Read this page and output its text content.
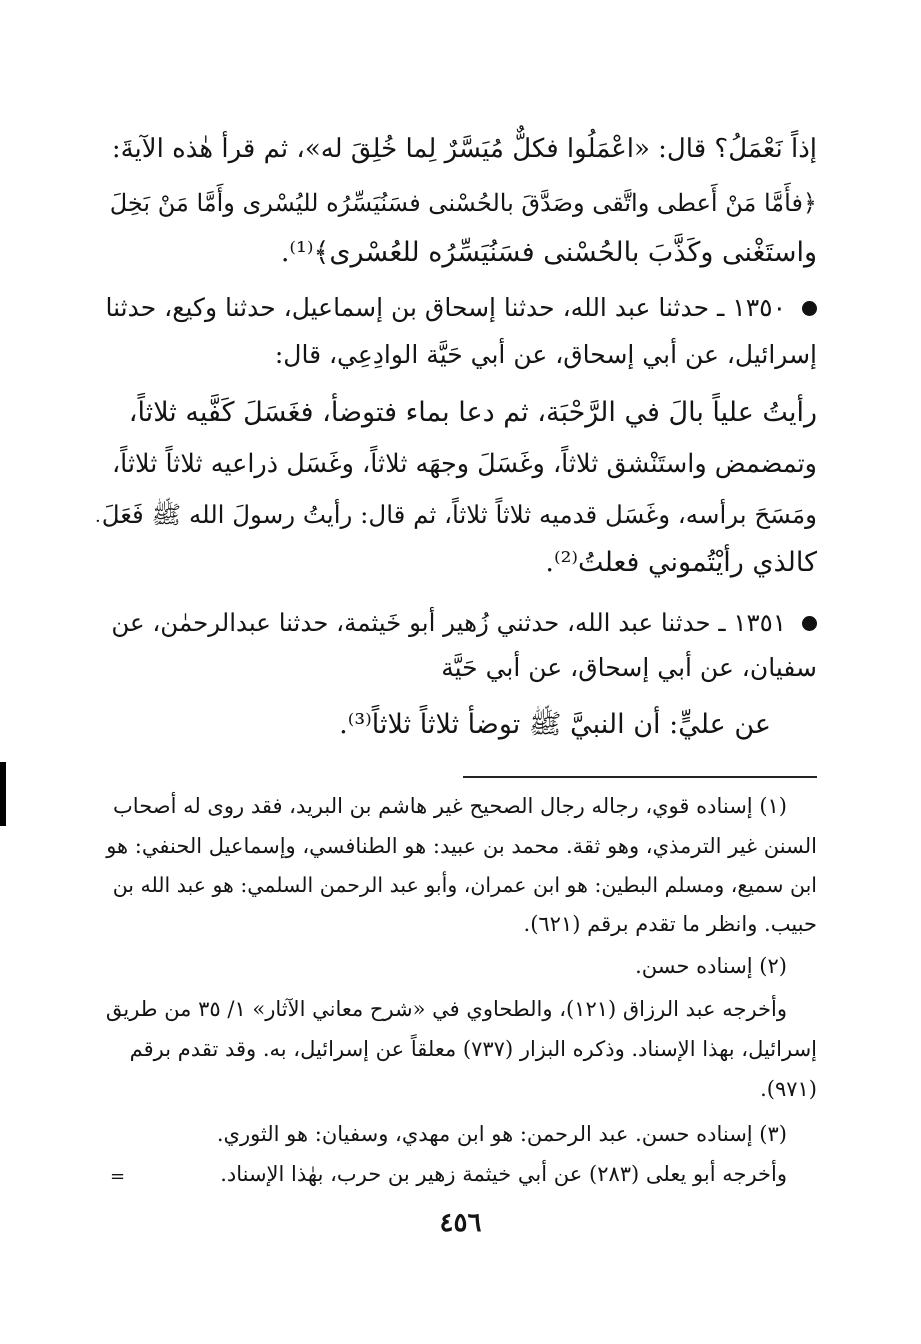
إذاً نَعْمَلُ؟ قال: «اعْمَلُوا فكلٌّ مُيَسَّرٌ لِما خُلِقَ له»، ثم قرأ هٰذه الآيةَ:
﴿فأَمَّا مَنْ أَعطى واتَّقى وصَدَّقَ بالحُسْنى فسَنُيَسِّرُه لليُسْرى وأَمَّا مَنْ بَخِلَ
واستَغْنى وكَذَّبَ بالحُسْنى فسَنُيَسِّرُه للعُسْرى﴾⁽¹⁾.
١٣٥٠ ـ حدثنا عبد الله، حدثنا إسحاق بن إسماعيل، حدثنا وكيع، حدثنا
إسرائيل، عن أبي إسحاق، عن أبي حَيَّة الوادِعِي، قال:
رأيتُ علياً بالَ في الرَّحْبَة، ثم دعا بماء فتوضأ، فغَسَلَ كَفَّيه ثلاثاً،
وتمضمض واستَنْشق ثلاثاً، وغَسَلَ وجهَه ثلاثاً، وغَسَل ذراعيه ثلاثاً ثلاثاً،
ومَسَحَ برأسه، وغَسَل قدميه ثلاثاً ثلاثاً، ثم قال: رأيتُ رسولَ الله ﷺ فَعَلَ
كالذي رأيْتُموني فعلتُ⁽²⁾.
١٣٥١ ـ حدثنا عبد الله، حدثني زُهير أبو خَيثمة، حدثنا عبدالرحمٰن، عن
سفيان، عن أبي إسحاق، عن أبي حَيَّة
عن عليٍّ: أن النبيَّ ﷺ توضأ ثلاثاً ثلاثاً⁽³⁾.
(١) إسناده قوي، رجاله رجال الصحيح غير هاشم بن البريد، فقد روى له أصحاب
السنن غير الترمذي، وهو ثقة. محمد بن عبيد: هو الطنافسي، وإسماعيل الحنفي: هو
ابن سميع، ومسلم البطين: هو ابن عمران، وأبو عبد الرحمن السلمي: هو عبد الله بن
حبيب. وانظر ما تقدم برقم (٦٢١).
(٢) إسناده حسن.
وأخرجه عبد الرزاق (١٢١)، والطحاوي في «شرح معاني الآثار» ١/ ٣٥ من طريق
إسرائيل، بهذا الإسناد. وذكره البزار (٧٣٧) معلقاً عن إسرائيل، به. وقد تقدم برقم
(٩٧١).
(٣) إسناده حسن. عبد الرحمن: هو ابن مهدي، وسفيان: هو الثوري.
وأخرجه أبو يعلى (٢٨٣) عن أبي خيثمة زهير بن حرب، بهٰذا الإسناد.
=
·
٤٥٦
